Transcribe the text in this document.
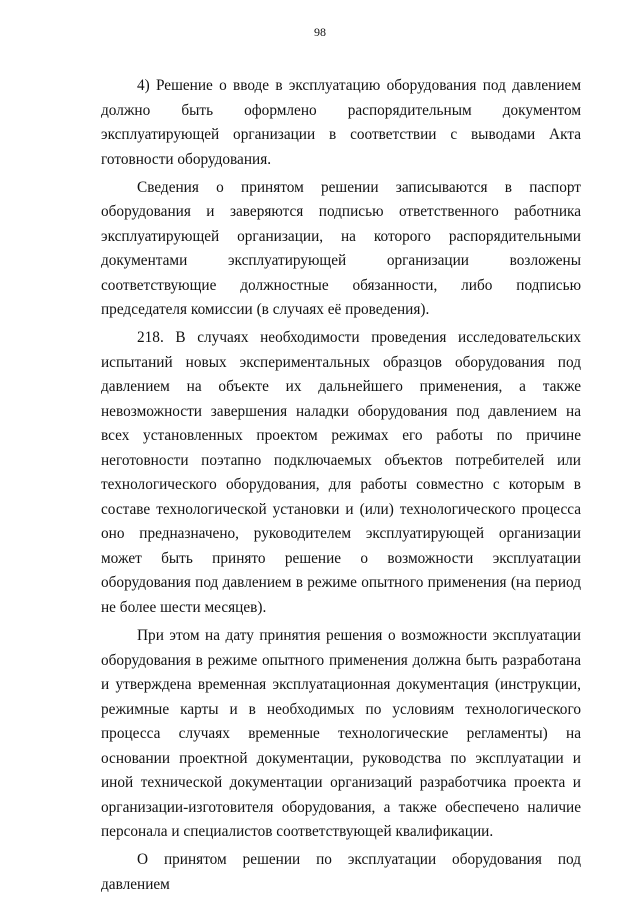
98

4) Решение о вводе в эксплуатацию оборудования под давлением должно быть оформлено распорядительным документом эксплуатирующей организации в соответствии с выводами Акта готовности оборудования.

Сведения о принятом решении записываются в паспорт оборудования и заверяются подписью ответственного работника эксплуатирующей организации, на которого распорядительными документами эксплуатирующей организации возложены соответствующие должностные обязанности, либо подписью председателя комиссии (в случаях её проведения).

218. В случаях необходимости проведения исследовательских испытаний новых экспериментальных образцов оборудования под давлением на объекте их дальнейшего применения, а также невозможности завершения наладки оборудования под давлением на всех установленных проектом режимах его работы по причине неготовности поэтапно подключаемых объектов потребителей или технологического оборудования, для работы совместно с которым в составе технологической установки и (или) технологического процесса оно предназначено, руководителем эксплуатирующей организации может быть принято решение о возможности эксплуатации оборудования под давлением в режиме опытного применения (на период не более шести месяцев).

При этом на дату принятия решения о возможности эксплуатации оборудования в режиме опытного применения должна быть разработана и утверждена временная эксплуатационная документация (инструкции, режимные карты и в необходимых по условиям технологического процесса случаях временные технологические регламенты) на основании проектной документации, руководства по эксплуатации и иной технической документации организаций разработчика проекта и организации-изготовителя оборудования, а также обеспечено наличие персонала и специалистов соответствующей квалификации.

О принятом решении по эксплуатации оборудования под давлением
